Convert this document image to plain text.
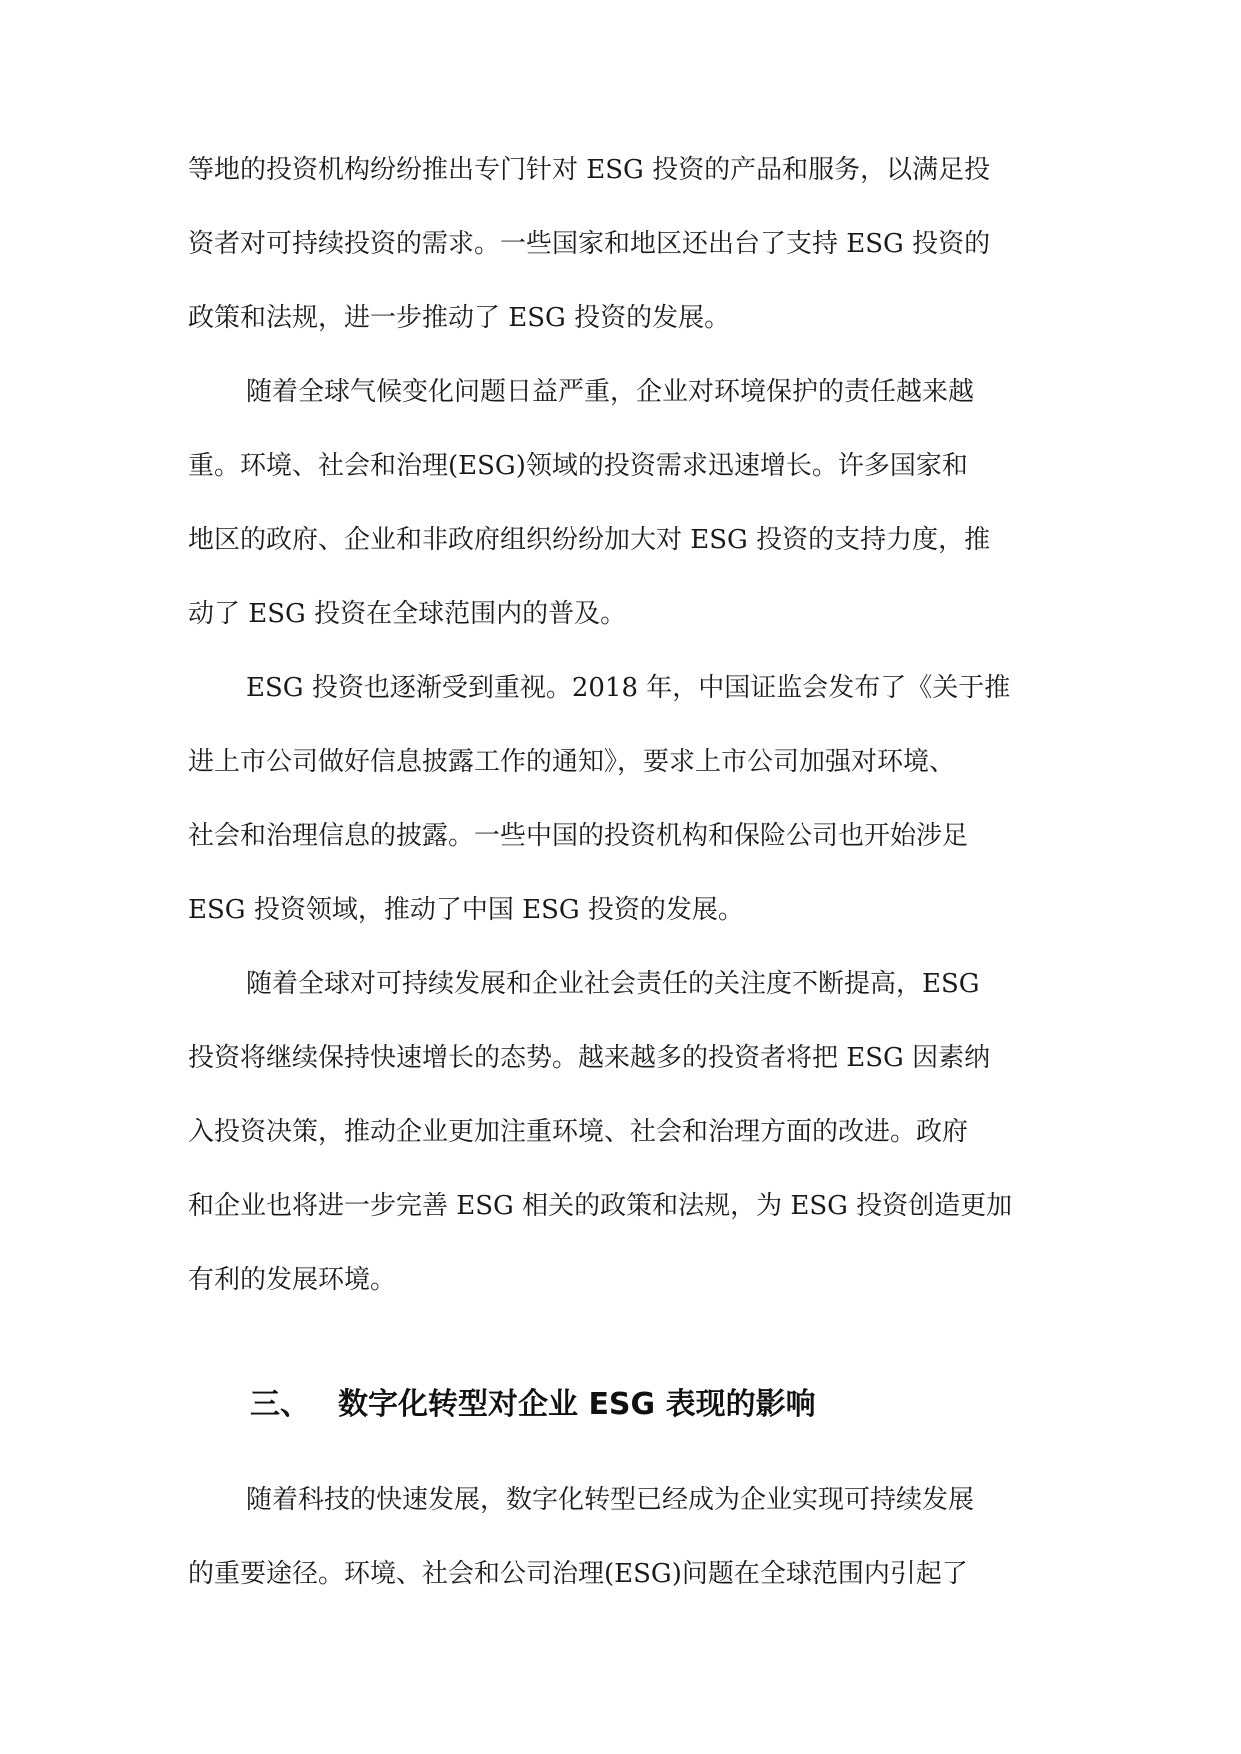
等地的投资机构纷纷推出专门针对 ESG 投资的产品和服务，以满足投
资者对可持续投资的需求。一些国家和地区还出台了支持 ESG 投资的
政策和法规，进一步推动了 ESG 投资的发展。

随着全球气候变化问题日益严重，企业对环境保护的责任越来越
重。环境、社会和治理(ESG)领域的投资需求迅速增长。许多国家和
地区的政府、企业和非政府组织纷纷加大对 ESG 投资的支持力度，推
动了 ESG 投资在全球范围内的普及。

ESG 投资也逐渐受到重视。2018 年，中国证监会发布了《关于推
进上市公司做好信息披露工作的通知》，要求上市公司加强对环境、
社会和治理信息的披露。一些中国的投资机构和保险公司也开始涉足
ESG 投资领域，推动了中国 ESG 投资的发展。

随着全球对可持续发展和企业社会责任的关注度不断提高，ESG
投资将继续保持快速增长的态势。越来越多的投资者将把 ESG 因素纳
入投资决策，推动企业更加注重环境、社会和治理方面的改进。政府
和企业也将进一步完善 ESG 相关的政策和法规，为 ESG 投资创造更加
有利的发展环境。

三、 数字化转型对企业 ESG 表现的影响

随着科技的快速发展，数字化转型已经成为企业实现可持续发展
的重要途径。环境、社会和公司治理(ESG)问题在全球范围内引起了
